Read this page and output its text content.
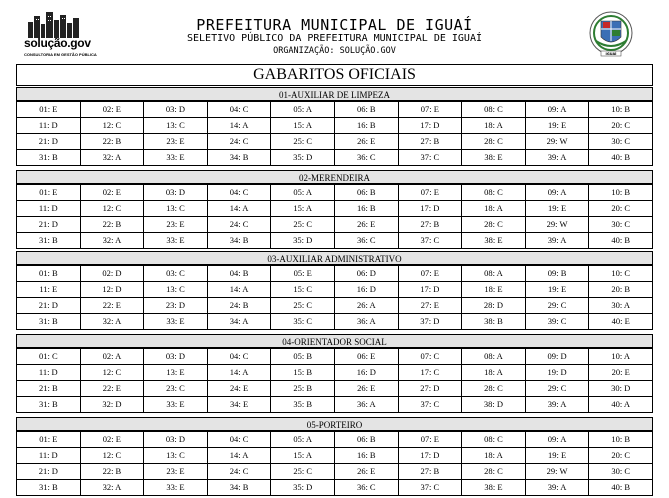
solução.gov
CONSULTORIA EM GESTÃO PÚBLICA
PREFEITURA MUNICIPAL DE IGUAÍ
SELETIVO PÚBLICO DA PREFEITURA MUNICIPAL DE IGUAÍ
ORGANIZAÇÃO: SOLUÇÃO.GOV	IGUAÍ
GABARITOS OFICIAIS
01-AUXILIAR DE LIMPEZA
01: E	02: E	03: D	04: C	05: A	06: B	07: E	08: C	09: A	10: B
11: D	12: C	13: C	14: A	15: A	16: B	17: D	18: A	19: E	20: C
21: D	22: B	23: E	24: C	25: C	26: E	27: B	28: C	29: W	30: C
31: B	32: A	33: E	34: B	35: D	36: C	37: C	38: E	39: A	40: B
02-MERENDEIRA
01: E	02: E	03: D	04: C	05: A	06: B	07: E	08: C	09: A	10: B
11: D	12: C	13: C	14: A	15: A	16: B	17: D	18: A	19: E	20: C
21: D	22: B	23: E	24: C	25: C	26: E	27: B	28: C	29: W	30: C
31: B	32: A	33: E	34: B	35: D	36: C	37: C	38: E	39: A	40: B
03-AUXILIAR ADMINISTRATIVO
01: B	02: D	03: C	04: B	05: E	06: D	07: E	08: A	09: B	10: C
11: E	12: D	13: C	14: A	15: C	16: D	17: D	18: E	19: E	20: B
21: D	22: E	23: D	24: B	25: C	26: A	27: E	28: D	29: C	30: A
31: B	32: A	33: E	34: A	35: C	36: A	37: D	38: B	39: C	40: E
04-ORIENTADOR SOCIAL
01: C	02: A	03: D	04: C	05: B	06: E	07: C	08: A	09: D	10: A
11: D	12: C	13: E	14: A	15: B	16: D	17: C	18: A	19: D	20: E
21: B	22: E	23: C	24: E	25: B	26: E	27: D	28: C	29: C	30: D
31: B	32: D	33: E	34: E	35: B	36: A	37: C	38: D	39: A	40: A
05-PORTEIRO
01: E	02: E	03: D	04: C	05: A	06: B	07: E	08: C	09: A	10: B
11: D	12: C	13: C	14: A	15: A	16: B	17: D	18: A	19: E	20: C
21: D	22: B	23: E	24: C	25: C	26: E	27: B	28: C	29: W	30: C
31: B	32: A	33: E	34: B	35: D	36: C	37: C	38: E	39: A	40: B
